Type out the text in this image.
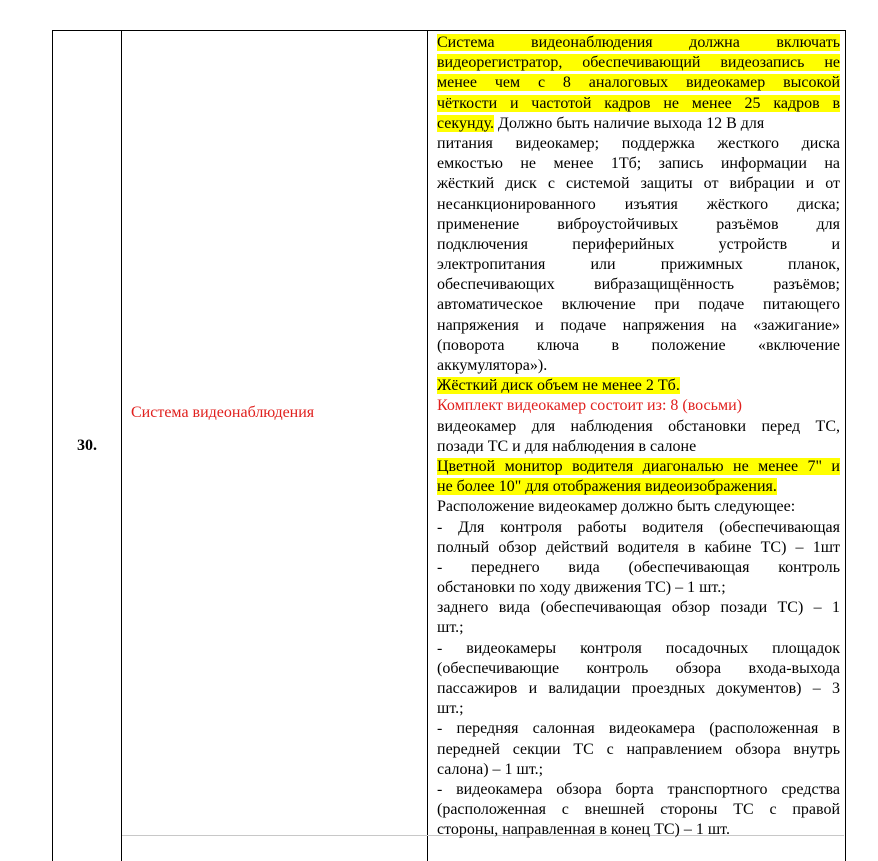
30.
Система видеонаблюдения
Система видеонаблюдения должна включать
видеорегистратор, обеспечивающий видеозапись не
менее чем с 8 аналоговых видеокамер высокой
чёткости и частотой кадров не менее 25 кадров в
секунду. Должно быть наличие выхода 12 В для
питания видеокамер; поддержка жесткого диска
емкостью не менее 1Тб; запись информации на
жёсткий диск с системой защиты от вибрации и от
несанкционированного изъятия жёсткого диска;
применение виброустойчивых разъёмов для
подключения периферийных устройств и
электропитания или прижимных планок,
обеспечивающих вибрaзащищённость разъёмов;
автоматическое включение при подаче питающего
напряжения и подаче напряжения на «зажигание»
(поворота ключа в положение «включение
аккумулятора»).
Жёсткий диск объем не менее 2 Тб.
Комплект видеокамер состоит из: 8 (восьми)
видеокамер для наблюдения обстановки перед ТС,
позади ТС и для наблюдения в салоне
Цветной монитор водителя диагональю не менее 7" и
не более 10" для отображения видеоизображения.
Расположение видеокамер должно быть следующее:
- Для контроля работы водителя (обеспечивающая
полный обзор действий водителя в кабине ТС) – 1шт
- переднего вида (обеспечивающая контроль
обстановки по ходу движения ТС) – 1 шт.;
заднего вида (обеспечивающая обзор позади ТС) – 1
шт.;
- видеокамеры контроля посадочных площадок
(обеспечивающие контроль обзора входа-выхода
пассажиров и валидации проездных документов) – 3
шт.;
- передняя салонная видеокамера (расположенная в
передней секции ТС с направлением обзора внутрь
салона) – 1 шт.;
- видеокамера обзора борта транспортного средства
(расположенная с внешней стороны ТС с правой
стороны, направленная в конец ТС) – 1 шт.
